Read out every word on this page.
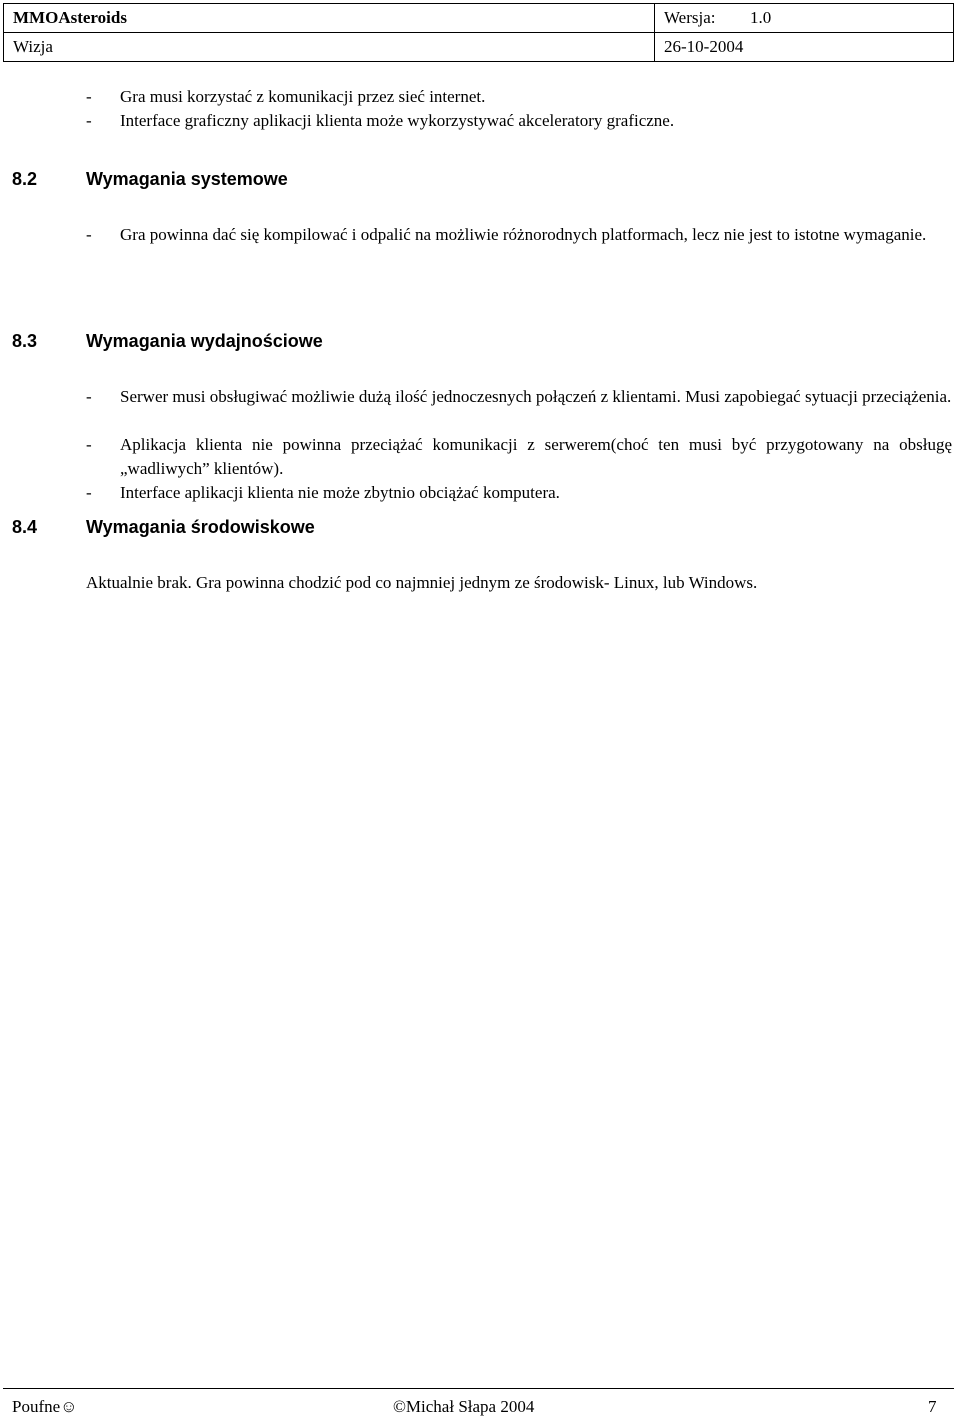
MMOAsteroids	Wersja: 1.0
Wizja	26-10-2004
- Gra musi korzystać z komunikacji przez sieć internet.
- Interface graficzny aplikacji klienta może wykorzystywać akceleratory graficzne.
8.2	Wymagania systemowe
- Gra powinna dać się kompilować i odpalić na możliwie różnorodnych platformach, lecz nie jest to istotne wymaganie.
8.3	Wymagania wydajnościowe
- Serwer musi obsługiwać możliwie dużą ilość jednoczesnych połączeń z klientami. Musi zapobiegać sytuacji przeciążenia.
- Aplikacja klienta nie powinna przeciążać komunikacji z serwerem(choć ten musi być przygotowany na obsługę „wadliwych” klientów).
- Interface aplikacji klienta nie może zbytnio obciążać komputera.
8.4	Wymagania środowiskowe
Aktualnie brak. Gra powinna chodzić pod co najmniej jednym ze środowisk- Linux, lub Windows.
Poufne☺	©Michał Słapa 2004	7
